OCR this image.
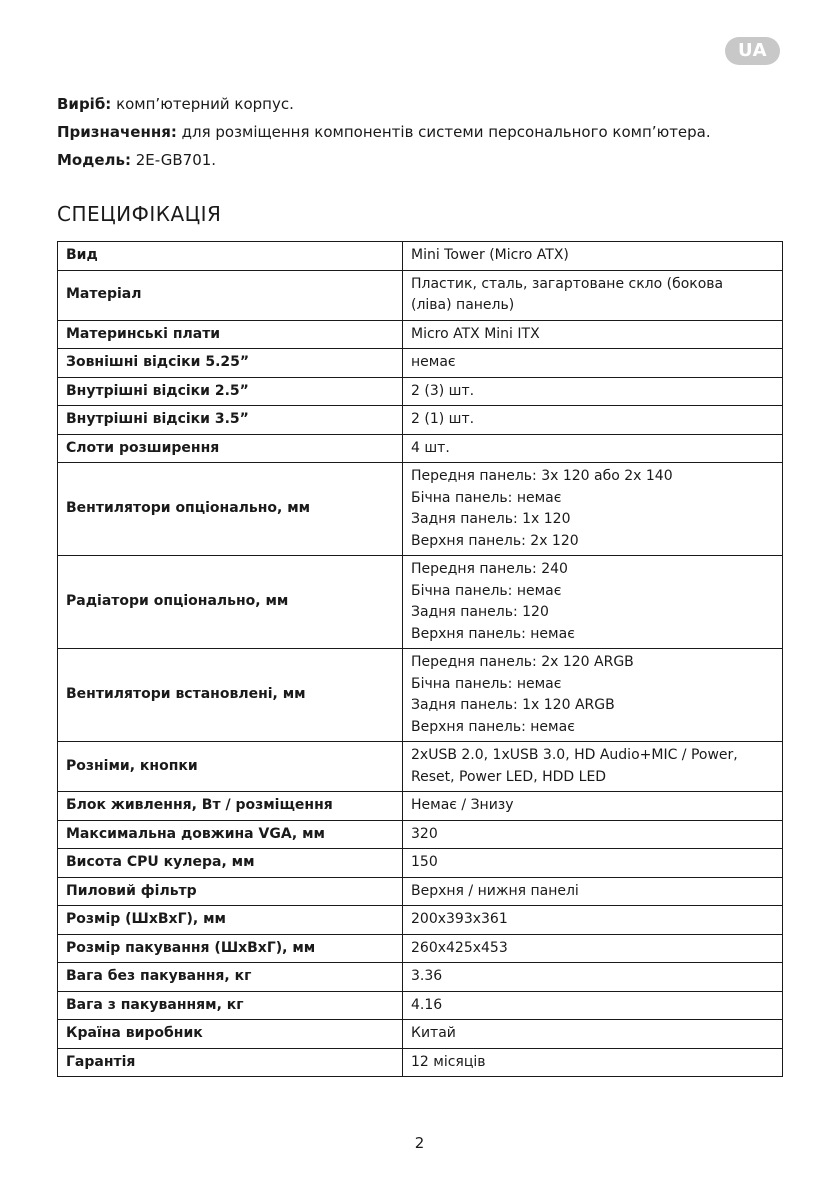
UA
Виріб: комп’ютерний корпус.
Призначення: для розміщення компонентів системи персонального комп’ютера.
Модель: 2E-GB701.
СПЕЦИФІКАЦІЯ
Вид	Mini Tower (Micro ATX)
Матеріал	Пластик, сталь, загартоване скло (бокова
(ліва) панель)
Материнські плати	Micro ATX Mini ITX
Зовнішні відсіки 5.25”	немає
Внутрішні відсіки 2.5”	2 (3) шт.
Внутрішні відсіки 3.5”	2 (1) шт.
Слоти розширення	4 шт.
Вентилятори опціонально, мм	Передня панель: 3x 120 або 2x 140
Бічна панель: немає
Задня панель: 1x 120
Верхня панель: 2x 120
Радіатори опціонально, мм	Передня панель: 240
Бічна панель: немає
Задня панель: 120
Верхня панель: немає
Вентилятори встановлені, мм	Передня панель: 2x 120 ARGB
Бічна панель: немає
Задня панель: 1x 120 ARGB
Верхня панель: немає
Розніми, кнопки	2xUSB 2.0, 1xUSB 3.0, HD Audio+MIC / Power,
Reset, Power LED, HDD LED
Блок живлення, Вт / розміщення	Немає / Знизу
Максимальна довжина VGA, мм	320
Висота CPU кулера, мм	150
Пиловий фільтр	Верхня / нижня панелі
Розмір (ШxВxГ), мм	200x393x361
Розмір пакування (ШxВxГ), мм	260x425x453
Вага без пакування, кг	3.36
Вага з пакуванням, кг	4.16
Країна виробник	Китай
Гарантія	12 місяців
2
